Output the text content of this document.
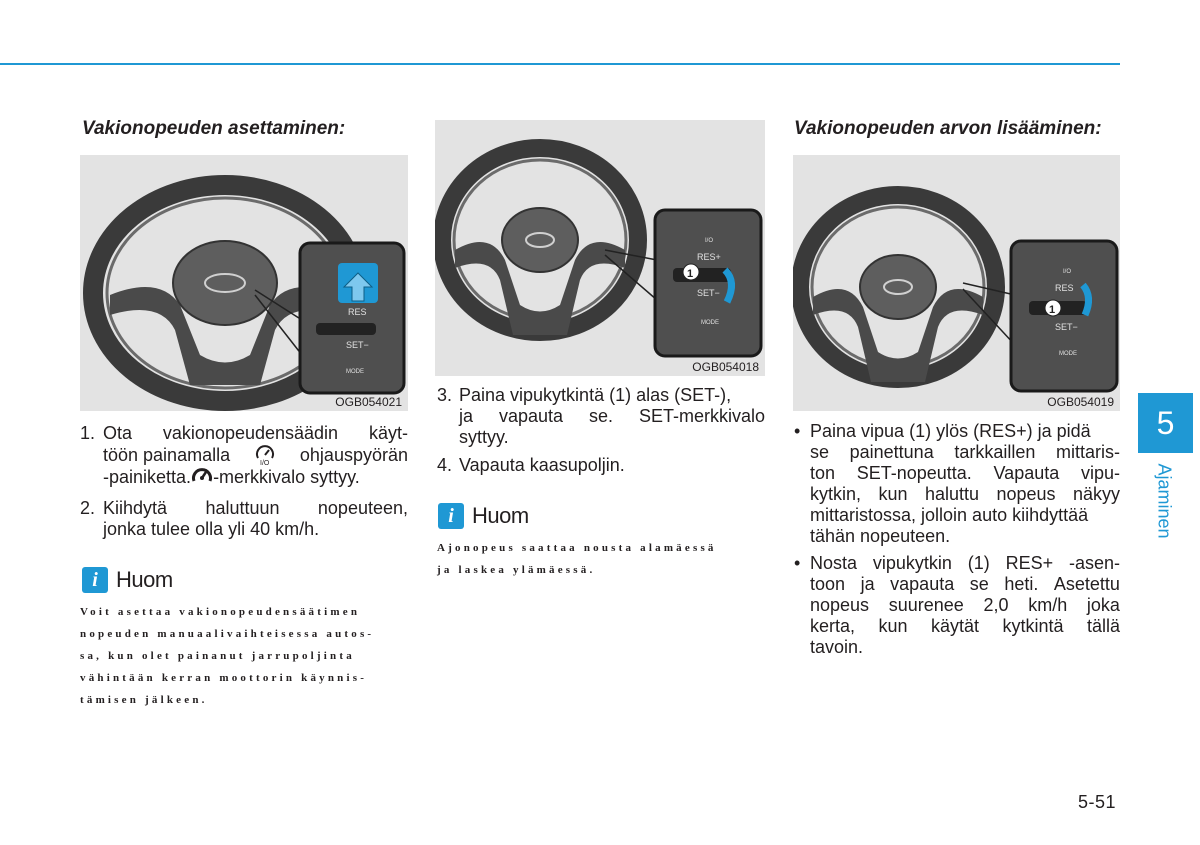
Vakionopeuden asettaminen:	Vakionopeuden arvon lisääminen:
RES
SET−
MODE
OGB054021
1
RES+
SET−
MODE
I/O
OGB054018
1
RES
SET−
MODE
I/O
OGB054019
1. Ota vakionopeudensäädin käyt-
töön painamalla	I/O ohjauspyörän
-painiketta. -merkkivalo syttyy.
2. Kiihdytä haluttuun nopeuteen,
jonka tulee olla yli 40 km/h.
i Huom
Voit asettaa vakionopeudensäätimen
nopeuden manuaalivaihteisessa autos-
sa, kun olet painanut jarrupoljinta
vähintään kerran moottorin käynnis-
tämisen jälkeen.
3. Paina vipukytkintä (1) alas (SET-),
ja vapauta se. SET-merkkivalo
syttyy.
4. Vapauta kaasupoljin.
i Huom
Ajonopeus saattaa nousta alamäessä
ja laskea ylämäessä.
• Paina vipua (1) ylös (RES+) ja pidä
se painettuna tarkkaillen mittaris-
ton SET-nopeutta. Vapauta vipu-
kytkin, kun haluttu nopeus näkyy
mittaristossa, jolloin auto kiihdyttää
tähän nopeuteen.
• Nosta vipukytkin (1) RES+ -asen-
toon ja vapauta se heti. Asetettu
nopeus suurenee 2,0 km/h joka
kerta, kun käytät kytkintä tällä
tavoin.
5
Ajaminen
5-51
